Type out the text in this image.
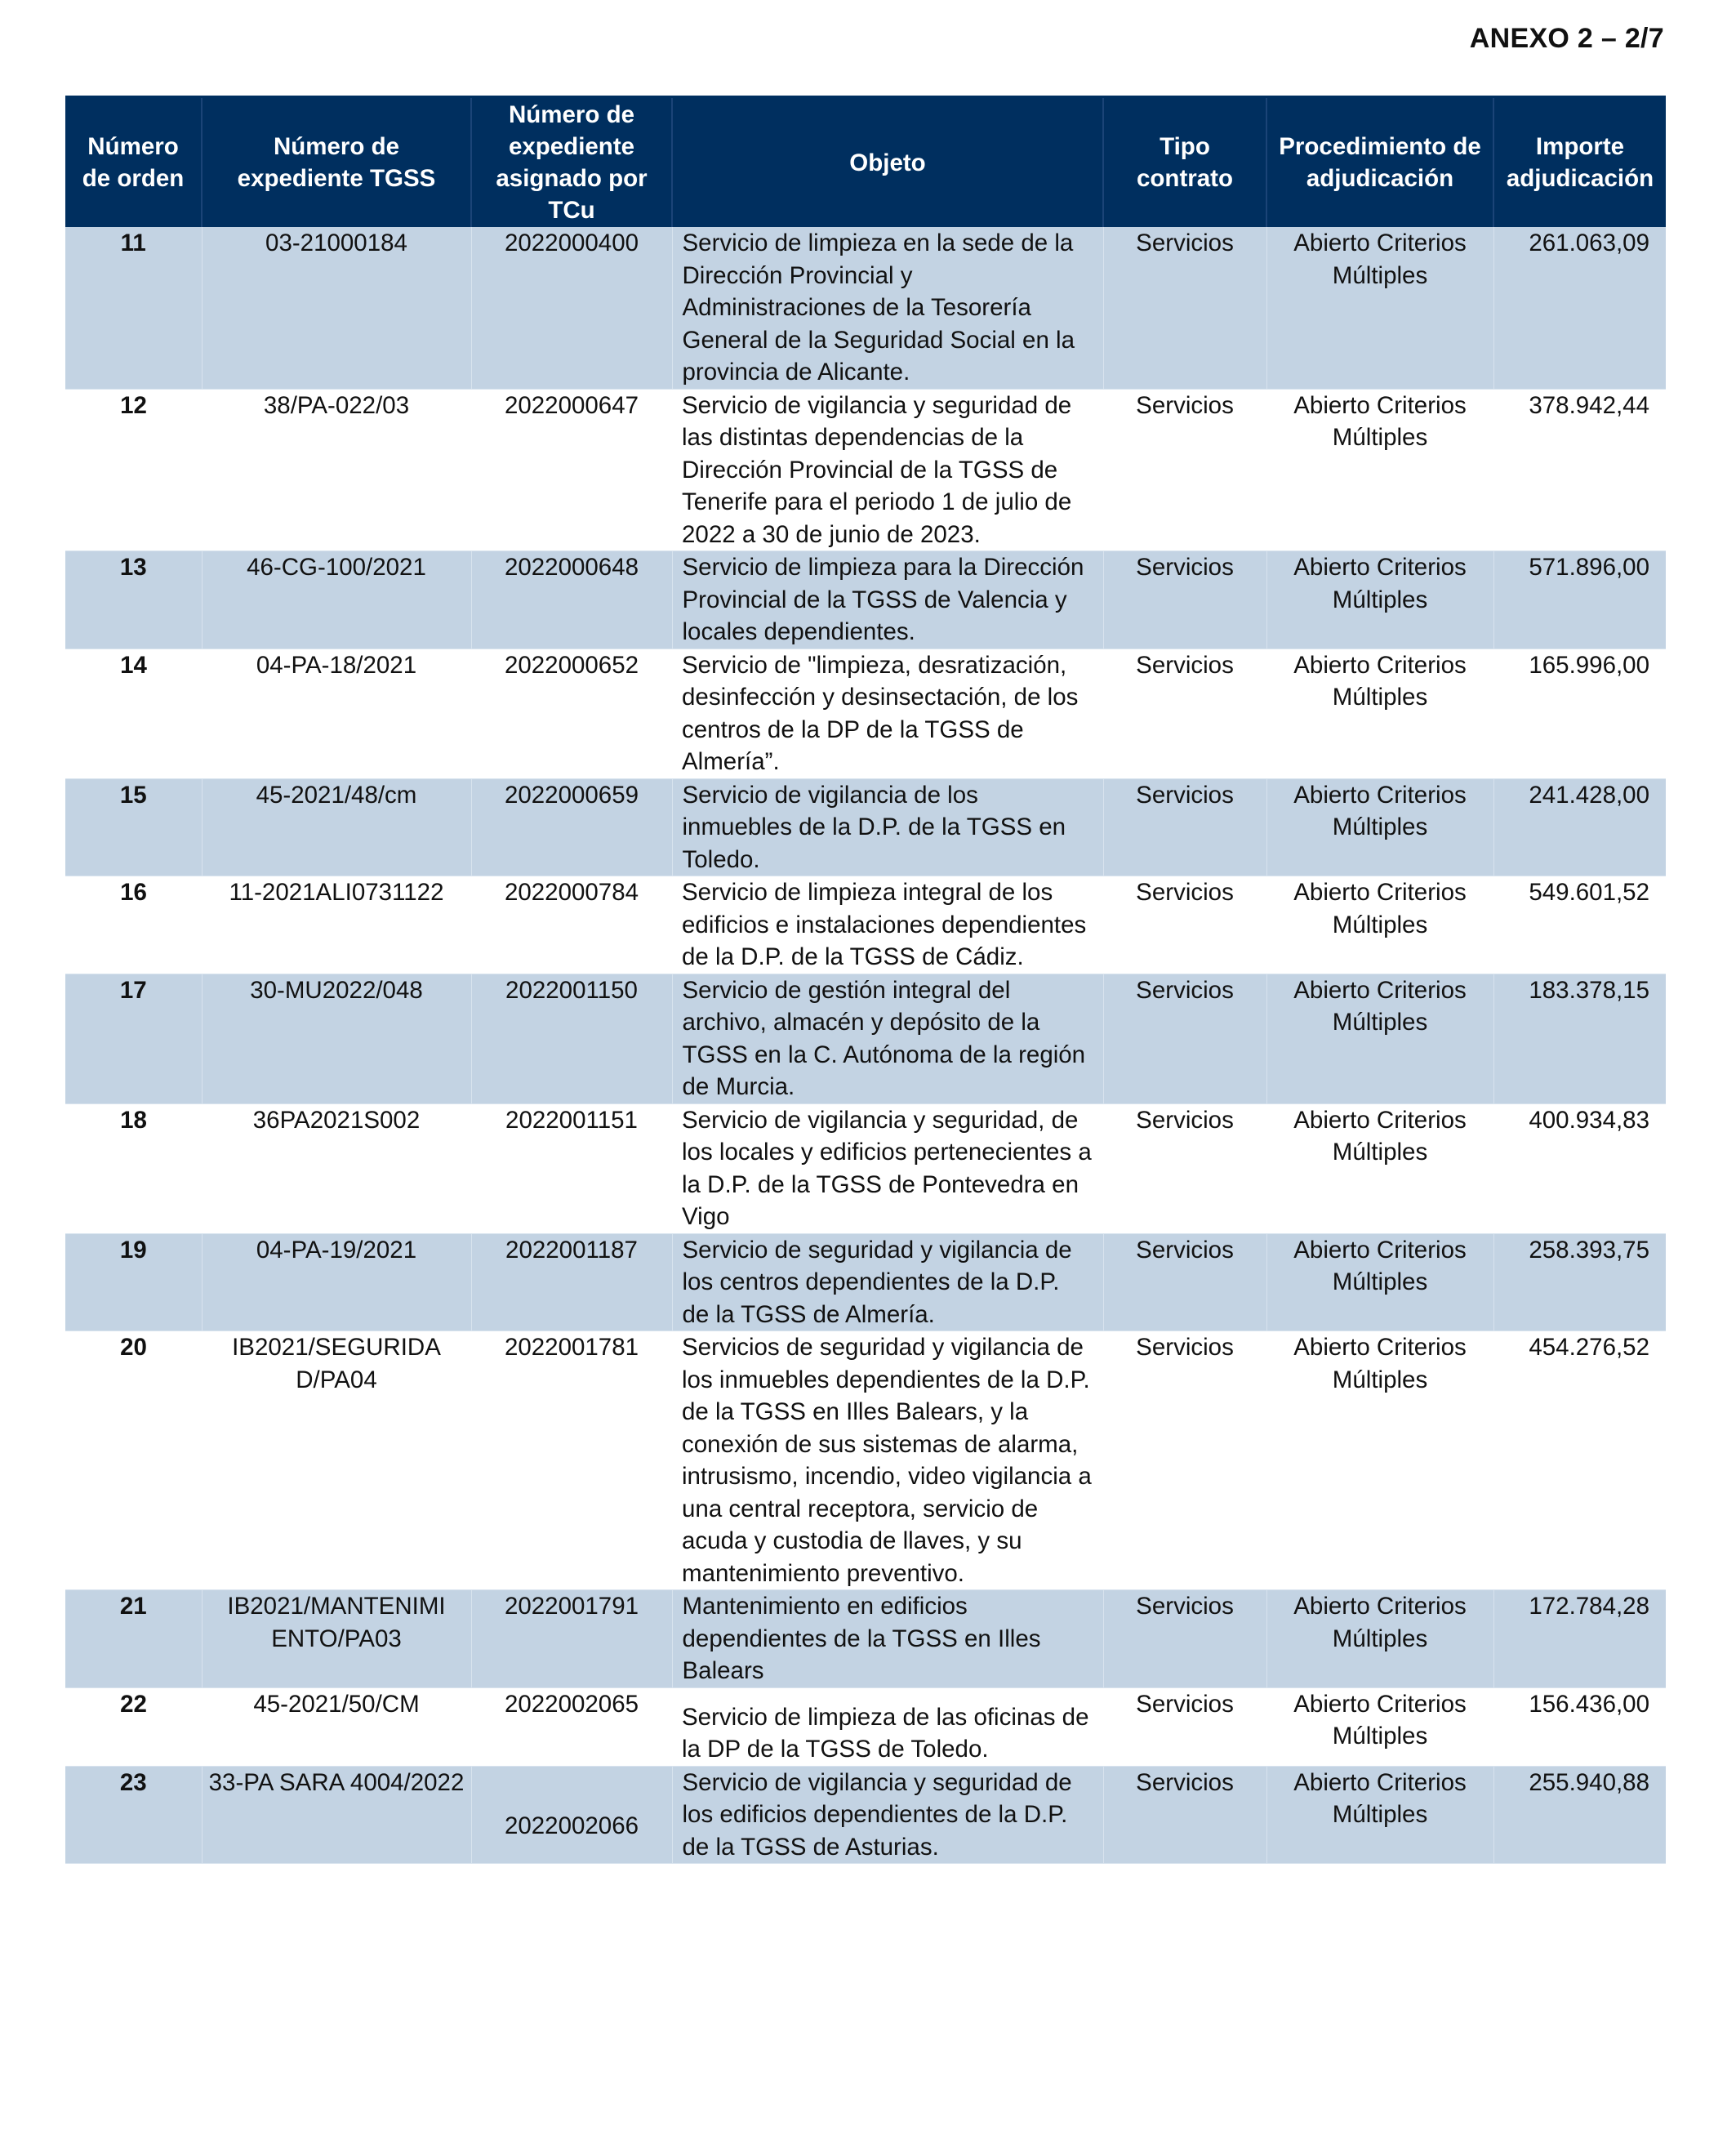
ANEXO 2 – 2/7
Número de orden	Número de expediente TGSS	Número de expediente asignado por TCu	Objeto	Tipo contrato	Procedimiento de adjudicación	Importe adjudicación
11	03-21000184	2022000400	Servicio de limpieza en la sede de la Dirección Provincial y Administraciones de la Tesorería General de la Seguridad Social en la provincia de Alicante.	Servicios	Abierto Criterios Múltiples	261.063,09
12	38/PA-022/03	2022000647	Servicio de vigilancia y seguridad de las distintas dependencias de la Dirección Provincial de la TGSS de Tenerife para el periodo 1 de julio de 2022 a 30 de junio de 2023.	Servicios	Abierto Criterios Múltiples	378.942,44
13	46-CG-100/2021	2022000648	Servicio de limpieza para la Dirección Provincial de la TGSS de Valencia y locales dependientes.	Servicios	Abierto Criterios Múltiples	571.896,00
14	04-PA-18/2021	2022000652	Servicio de "limpieza, desratización, desinfección y desinsectación, de los centros de la DP de la TGSS de Almería”.	Servicios	Abierto Criterios Múltiples	165.996,00
15	45-2021/48/cm	2022000659	Servicio de vigilancia de los inmuebles de la D.P. de la TGSS en Toledo.	Servicios	Abierto Criterios Múltiples	241.428,00
16	11-2021ALI0731122	2022000784	Servicio de limpieza integral de los edificios e instalaciones dependientes de la D.P. de la TGSS de Cádiz.	Servicios	Abierto Criterios Múltiples	549.601,52
17	30-MU2022/048	2022001150	Servicio de gestión integral del archivo, almacén y depósito de la TGSS en la C. Autónoma de la región de Murcia.	Servicios	Abierto Criterios Múltiples	183.378,15
18	36PA2021S002	2022001151	Servicio de vigilancia y seguridad, de los locales y edificios pertenecientes a la D.P. de la TGSS de Pontevedra en Vigo	Servicios	Abierto Criterios Múltiples	400.934,83
19	04-PA-19/2021	2022001187	Servicio de seguridad y vigilancia de los centros dependientes de la D.P. de la TGSS de Almería.	Servicios	Abierto Criterios Múltiples	258.393,75
20	IB2021/SEGURIDA D/PA04	2022001781	Servicios de seguridad y vigilancia de los inmuebles dependientes de la D.P. de la TGSS en Illes Balears, y la conexión de sus sistemas de alarma, intrusismo, incendio, video vigilancia a una central receptora, servicio de acuda y custodia de llaves, y su mantenimiento preventivo.	Servicios	Abierto Criterios Múltiples	454.276,52
21	IB2021/MANTENIMI ENTO/PA03	2022001791	Mantenimiento en edificios dependientes de la TGSS en Illes Balears	Servicios	Abierto Criterios Múltiples	172.784,28
22	45-2021/50/CM	2022002065	Servicio de limpieza de las oficinas de la DP de la TGSS de Toledo.	Servicios	Abierto Criterios Múltiples	156.436,00
23	33-PA SARA 4004/2022	2022002066	Servicio de vigilancia y seguridad de los edificios dependientes de la D.P. de la TGSS de Asturias.	Servicios	Abierto Criterios Múltiples	255.940,88
